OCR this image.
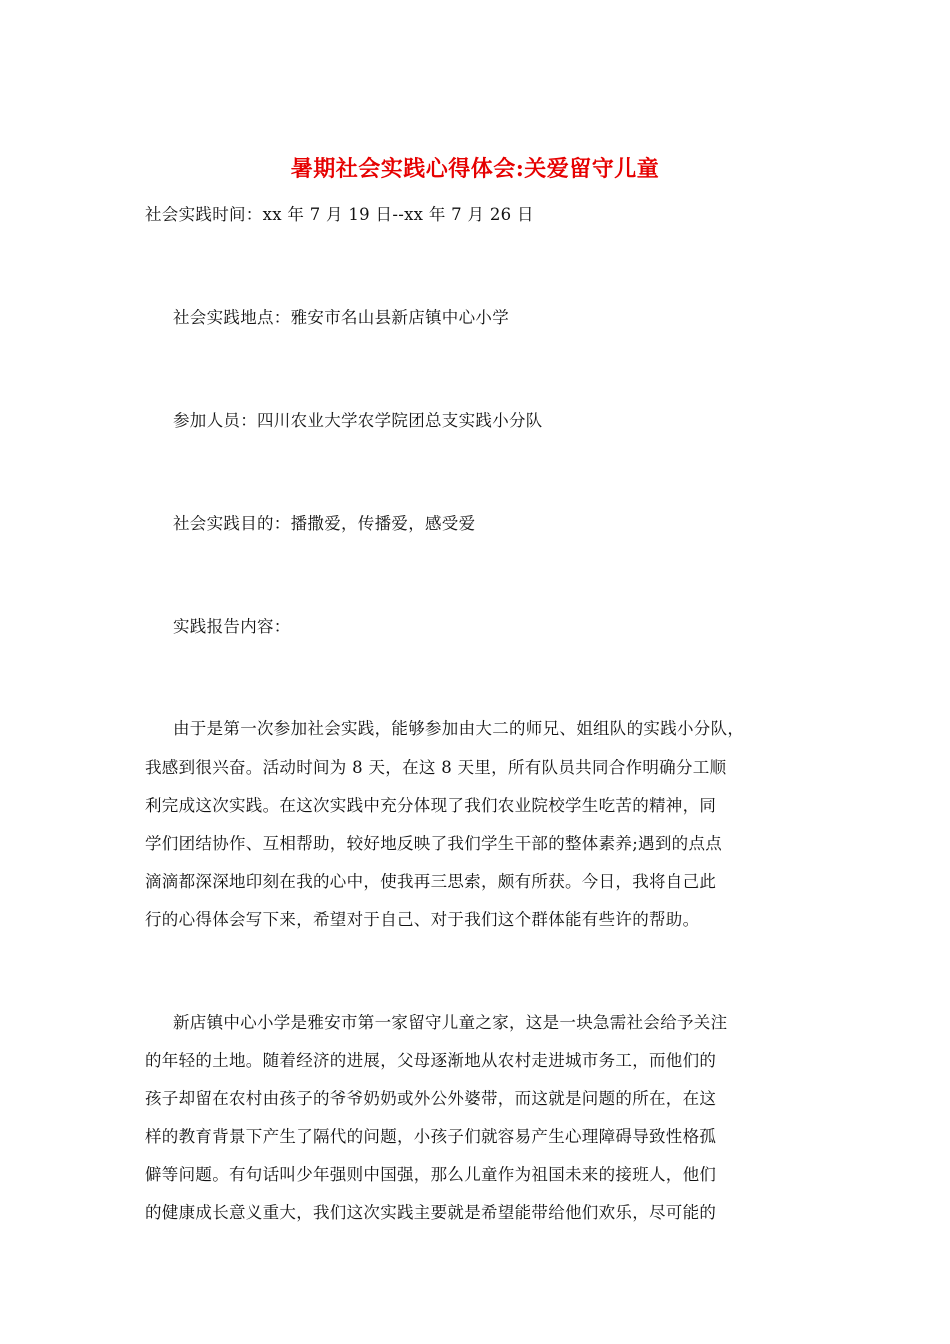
暑期社会实践心得体会:关爱留守儿童
社会实践时间：xx 年 7 月 19 日--xx 年 7 月 26 日
社会实践地点：雅安市名山县新店镇中心小学
参加人员：四川农业大学农学院团总支实践小分队
社会实践目的：播撒爱，传播爱，感受爱
实践报告内容：
由于是第一次参加社会实践，能够参加由大二的师兄、姐组队的实践小分队，
我感到很兴奋。活动时间为 8 天，在这 8 天里，所有队员共同合作明确分工顺
利完成这次实践。在这次实践中充分体现了我们农业院校学生吃苦的精神，同
学们团结协作、互相帮助，较好地反映了我们学生干部的整体素养;遇到的点点
滴滴都深深地印刻在我的心中，使我再三思索，颇有所获。今日，我将自己此
行的心得体会写下来，希望对于自己、对于我们这个群体能有些许的帮助。
新店镇中心小学是雅安市第一家留守儿童之家，这是一块急需社会给予关注
的年轻的土地。随着经济的进展，父母逐渐地从农村走进城市务工，而他们的
孩子却留在农村由孩子的爷爷奶奶或外公外婆带，而这就是问题的所在，在这
样的教育背景下产生了隔代的问题，小孩子们就容易产生心理障碍导致性格孤
僻等问题。有句话叫少年强则中国强，那么儿童作为祖国未来的接班人，他们
的健康成长意义重大，我们这次实践主要就是希望能带给他们欢乐，尽可能的
